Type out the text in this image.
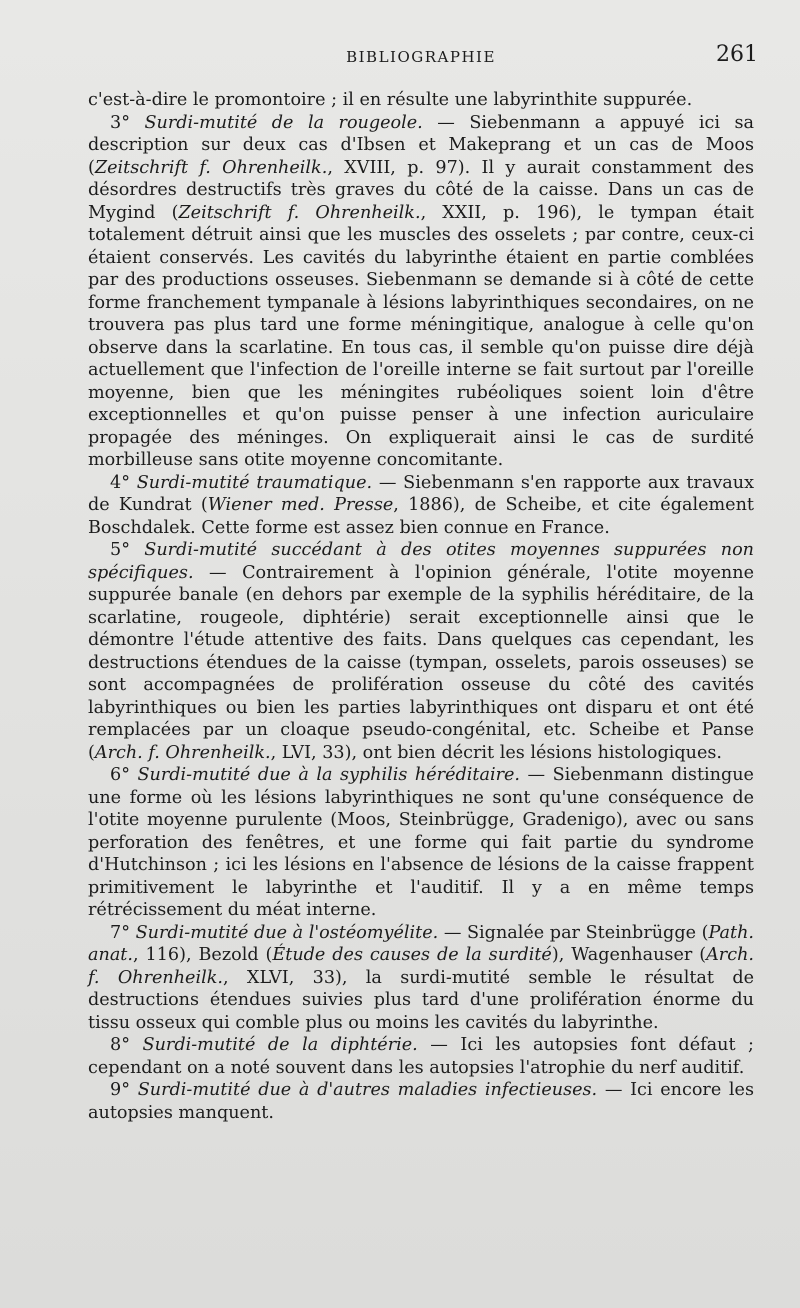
BIBLIOGRAPHIE	261

c'est-à-dire le promontoire ; il en résulte une labyrinthite suppurée.

3° Surdi-mutité de la rougeole. — Siebenmann a appuyé ici sa description sur deux cas d'Ibsen et Makeprang et un cas de Moos (Zeitschrift f. Ohrenheilk., XVIII, p. 97). Il y aurait constamment des désordres destructifs très graves du côté de la caisse. Dans un cas de Mygind (Zeitschrift f. Ohrenheilk., XXII, p. 196), le tympan était totalement détruit ainsi que les muscles des osselets ; par contre, ceux-ci étaient conservés. Les cavités du labyrinthe étaient en partie comblées par des productions osseuses. Siebenmann se demande si à côté de cette forme franchement tympanale à lésions labyrinthiques secondaires, on ne trouvera pas plus tard une forme méningitique, analogue à celle qu'on observe dans la scarlatine. En tous cas, il semble qu'on puisse dire déjà actuellement que l'infection de l'oreille interne se fait surtout par l'oreille moyenne, bien que les méningites rubéoliques soient loin d'être exceptionnelles et qu'on puisse penser à une infection auriculaire propagée des méninges. On expliquerait ainsi le cas de surdité morbilleuse sans otite moyenne concomitante.

4° Surdi-mutité traumatique. — Siebenmann s'en rapporte aux travaux de Kundrat (Wiener med. Presse, 1886), de Scheibe, et cite également Boschdalek. Cette forme est assez bien connue en France.

5° Surdi-mutité succédant à des otites moyennes suppurées non spécifiques. — Contrairement à l'opinion générale, l'otite moyenne suppurée banale (en dehors par exemple de la syphilis héréditaire, de la scarlatine, rougeole, diphtérie) serait exceptionnelle ainsi que le démontre l'étude attentive des faits. Dans quelques cas cependant, les destructions étendues de la caisse (tympan, osselets, parois osseuses) se sont accompagnées de prolifération osseuse du côté des cavités labyrinthiques ou bien les parties labyrinthiques ont disparu et ont été remplacées par un cloaque pseudo-congénital, etc. Scheibe et Panse (Arch. f. Ohrenheilk., LVI, 33), ont bien décrit les lésions histologiques.

6° Surdi-mutité due à la syphilis héréditaire. — Siebenmann distingue une forme où les lésions labyrinthiques ne sont qu'une conséquence de l'otite moyenne purulente (Moos, Steinbrügge, Gradenigo), avec ou sans perforation des fenêtres, et une forme qui fait partie du syndrome d'Hutchinson ; ici les lésions en l'absence de lésions de la caisse frappent primitivement le labyrinthe et l'auditif. Il y a en même temps rétrécissement du méat interne.

7° Surdi-mutité due à l'ostéomyélite. — Signalée par Steinbrügge (Path. anat., 116), Bezold (Étude des causes de la surdité), Wagenhauser (Arch. f. Ohrenheilk., XLVI, 33), la surdi-mutité semble le résultat de destructions étendues suivies plus tard d'une prolifération énorme du tissu osseux qui comble plus ou moins les cavités du labyrinthe.

8° Surdi-mutité de la diphtérie. — Ici les autopsies font défaut ; cependant on a noté souvent dans les autopsies l'atrophie du nerf auditif.

9° Surdi-mutité due à d'autres maladies infectieuses. — Ici encore les autopsies manquent.
